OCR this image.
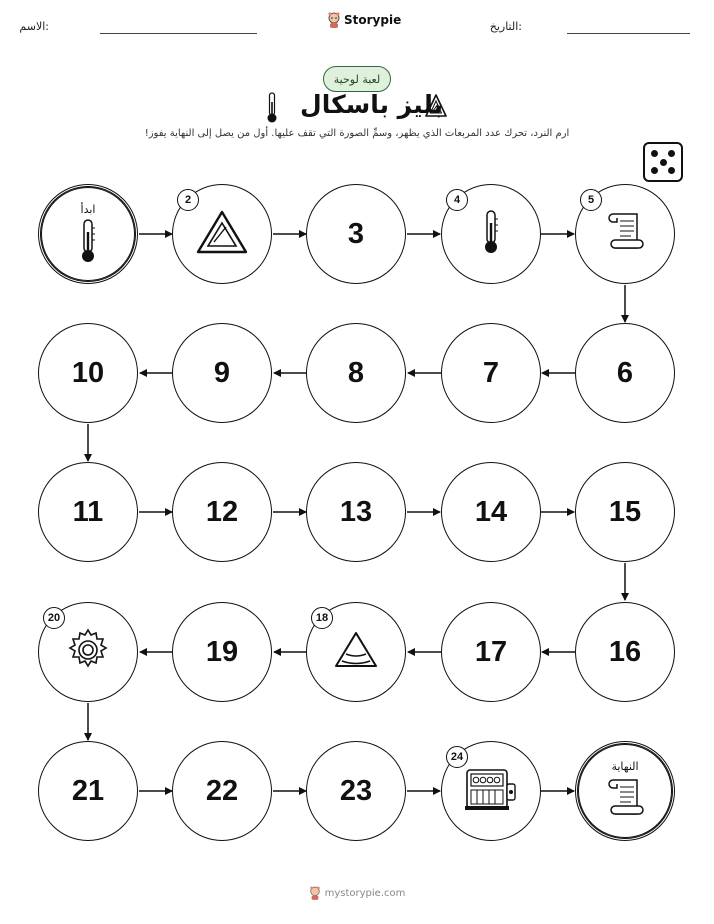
الاسم:	Storypie	التاريخ:
لعبة لوحية
بليز باسكال
ارم النرد، تحرك عدد المربعات الذي يظهر، وسمِّ الصورة التي تقف عليها. أول من يصل إلى النهاية يفوز!
ابدأ
2
3
4	5
6
7
8
9
10
11	12	13	14	15
16
17
18
19
20
21	22	23
24
النهاية
mystorypie.com
